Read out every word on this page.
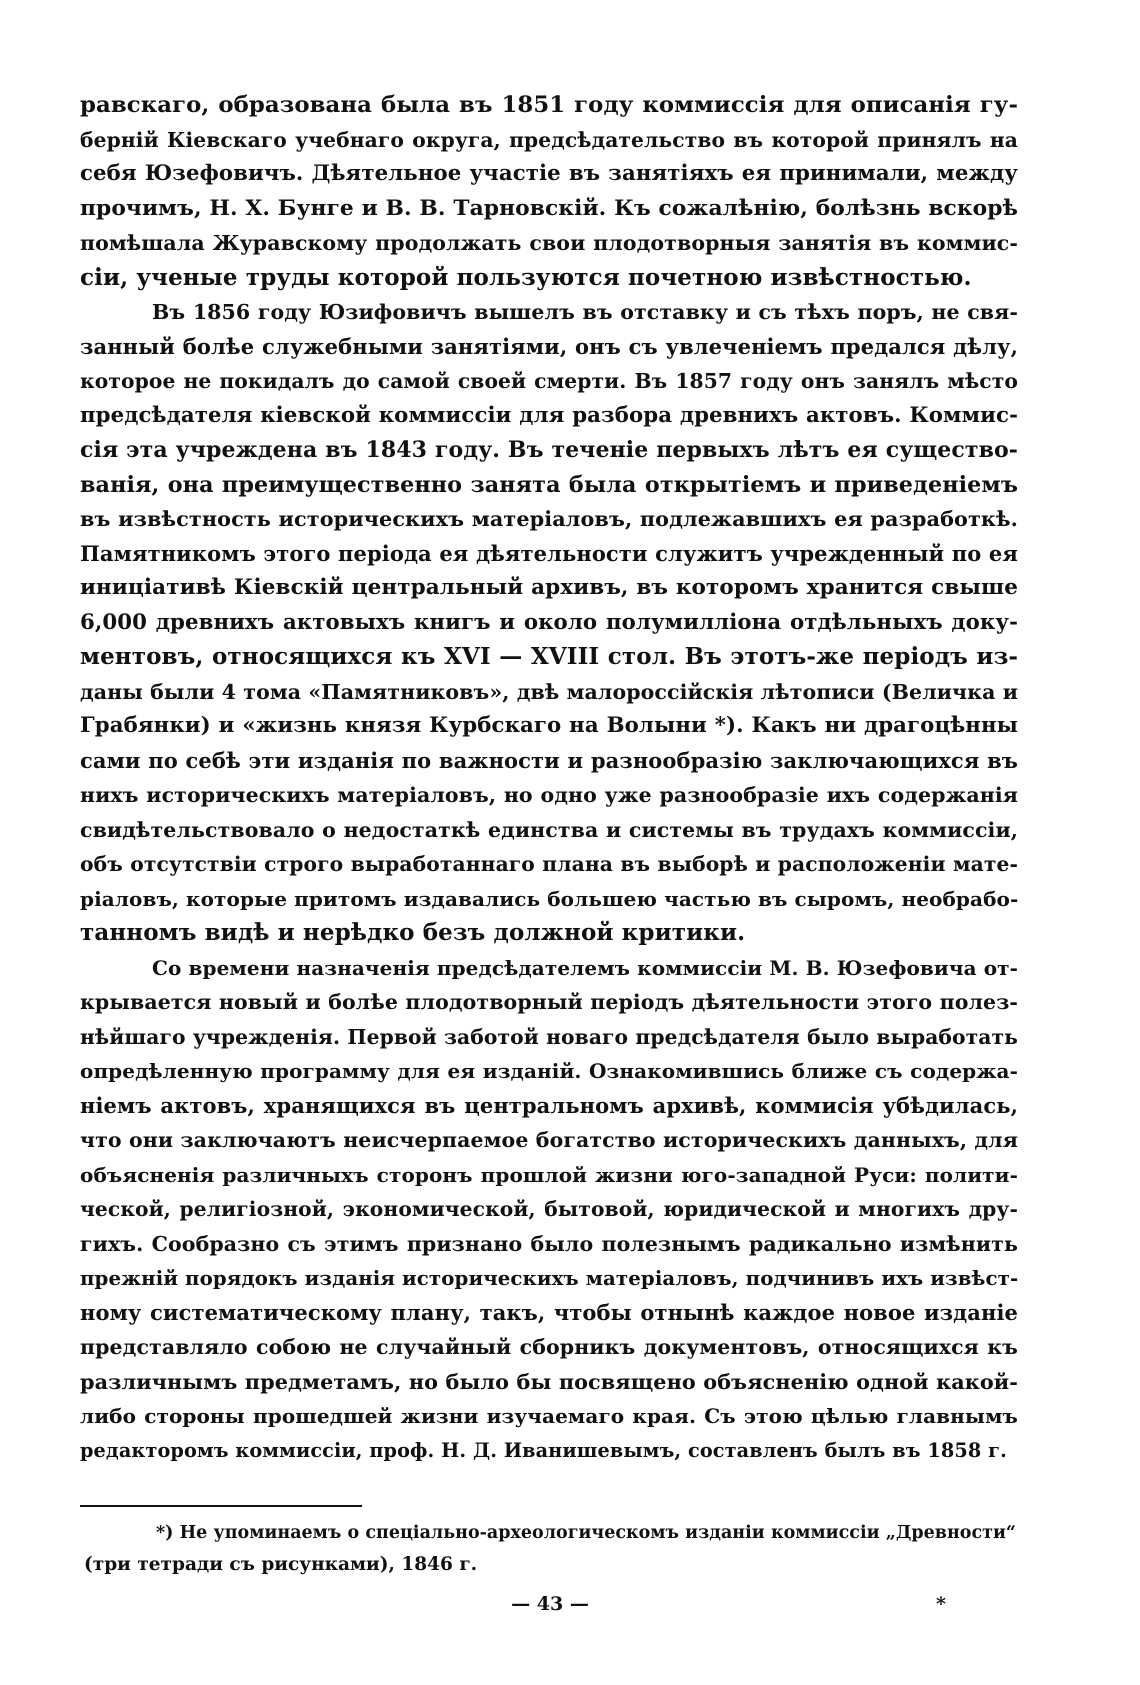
равскаго, образована была въ 1851 году коммиссія для описанія гу-
берній Кіевскаго учебнаго округа, предсѣдательство въ которой принялъ на
себя Юзефовичъ. Дѣятельное участіе въ занятіяхъ ея принимали, между
прочимъ, Н. Х. Бунге и В. В. Тарновскій. Къ сожалѣнію, болѣзнь вскорѣ
помѣшала Журавскому продолжать свои плодотворныя занятія въ коммис-
сіи, ученые труды которой пользуются почетною извѣстностью.
Въ 1856 году Юзифовичъ вышелъ въ отставку и съ тѣхъ поръ, не свя-
занный болѣе служебными занятіями, онъ съ увлеченіемъ предался дѣлу,
которое не покидалъ до самой своей смерти. Въ 1857 году онъ занялъ мѣсто
предсѣдателя кіевской коммиссіи для разбора древнихъ актовъ. Коммис-
сія эта учреждена въ 1843 году. Въ теченіе первыхъ лѣтъ ея существо-
ванія, она преимущественно занята была открытіемъ и приведеніемъ
въ извѣстность историческихъ матеріаловъ, подлежавшихъ ея разработкѣ.
Памятникомъ этого періода ея дѣятельности служитъ учрежденный по ея
иниціативѣ Кіевскій центральный архивъ, въ которомъ хранится свыше
6,000 древнихъ актовыхъ книгъ и около полумилліона отдѣльныхъ доку-
ментовъ, относящихся къ XVI — XVIII стол. Въ этотъ-же періодъ из-
даны были 4 тома «Памятниковъ», двѣ малороссійскія лѣтописи (Величка и
Грабянки) и «жизнь князя Курбскаго на Волыни *). Какъ ни драгоцѣнны
сами по себѣ эти изданія по важности и разнообразію заключающихся въ
нихъ историческихъ матеріаловъ, но одно уже разнообразіе ихъ содержанія
свидѣтельствовало о недостаткѣ единства и системы въ трудахъ коммиссіи,
объ отсутствіи строго выработаннаго плана въ выборѣ и расположеніи мате-
ріаловъ, которые притомъ издавались большею частью въ сыромъ, необрабо-
танномъ видѣ и нерѣдко безъ должной критики.
Со времени назначенія предсѣдателемъ коммиссіи М. В. Юзефовича от-
крывается новый и болѣе плодотворный періодъ дѣятельности этого полез-
нѣйшаго учрежденія. Первой заботой новаго предсѣдателя было выработать
опредѣленную программу для ея изданій. Ознакомившись ближе съ содержа-
ніемъ актовъ, хранящихся въ центральномъ архивѣ, коммисія убѣдилась,
что они заключаютъ неисчерпаемое богатство историческихъ данныхъ, для
объясненія различныхъ сторонъ прошлой жизни юго-западной Руси: полити-
ческой, религіозной, экономической, бытовой, юридической и многихъ дру-
гихъ. Сообразно съ этимъ признано было полезнымъ радикально измѣнить
прежній порядокъ изданія историческихъ матеріаловъ, подчинивъ ихъ извѣст-
ному систематическому плану, такъ, чтобы отнынѣ каждое новое изданіе
представляло собою не случайный сборникъ документовъ, относящихся къ
различнымъ предметамъ, но было бы посвящено объясненію одной какой-
либо стороны прошедшей жизни изучаемаго края. Съ этою цѣлью главнымъ
редакторомъ коммиссіи, проф. Н. Д. Иванишевымъ, составленъ былъ въ 1858 г.
*) Не упоминаемъ о спеціально-археологическомъ изданіи коммиссіи „Древности“
(три тетради съ рисунками), 1846 г.
— 43 —	*
